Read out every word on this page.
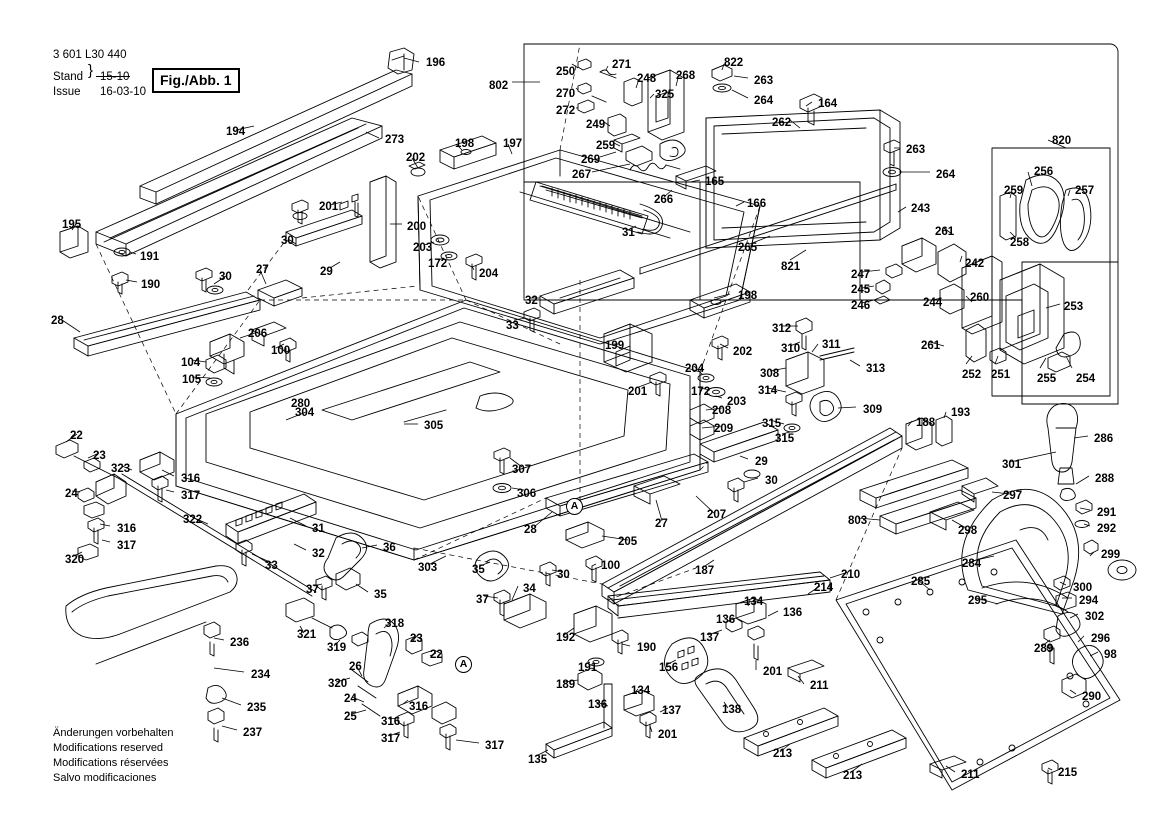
3 601 L30 440
Stand
Issue
}
16-03-10
Fig./Abb. 1
Änderungen vorbehalten
Modifications reserved
Modifications réservées
Salvo modificaciones
196
802
250
271
248 268
822
263
264
325
270
272
249
259
269
267
164
262
820
263
264	256
257
259
258
194
273	198	197
202
201
200
195
191
190
30
29
203
172
204
31
266
165
166
265
821
243
261
242
247
245
246	244 260
253
261
252 251 255 254
30
27
28
206
100
104
105
32
33
199
198
202
204
172
203
201
312
310 311
313
308
314
208
209	315
315
309
188
193
286
301
288
304
280
305
22
23
323
316
317
24
316
317
320
322
31
32
33
36
35
37
303	35
37
34
307
306
29
30
28	27
205
207	803
187	210
214	285
297
298
291
292
299
284
300
294
295
302
296
289	98
290
30
100
192
190
191
189
156
134
136
136
137
201
138
134
137
136
201
135
211
213
213	211	215
236
234
235
237
321
319
318
23
22
26
320
24
25
316
316
317
317
A
A
